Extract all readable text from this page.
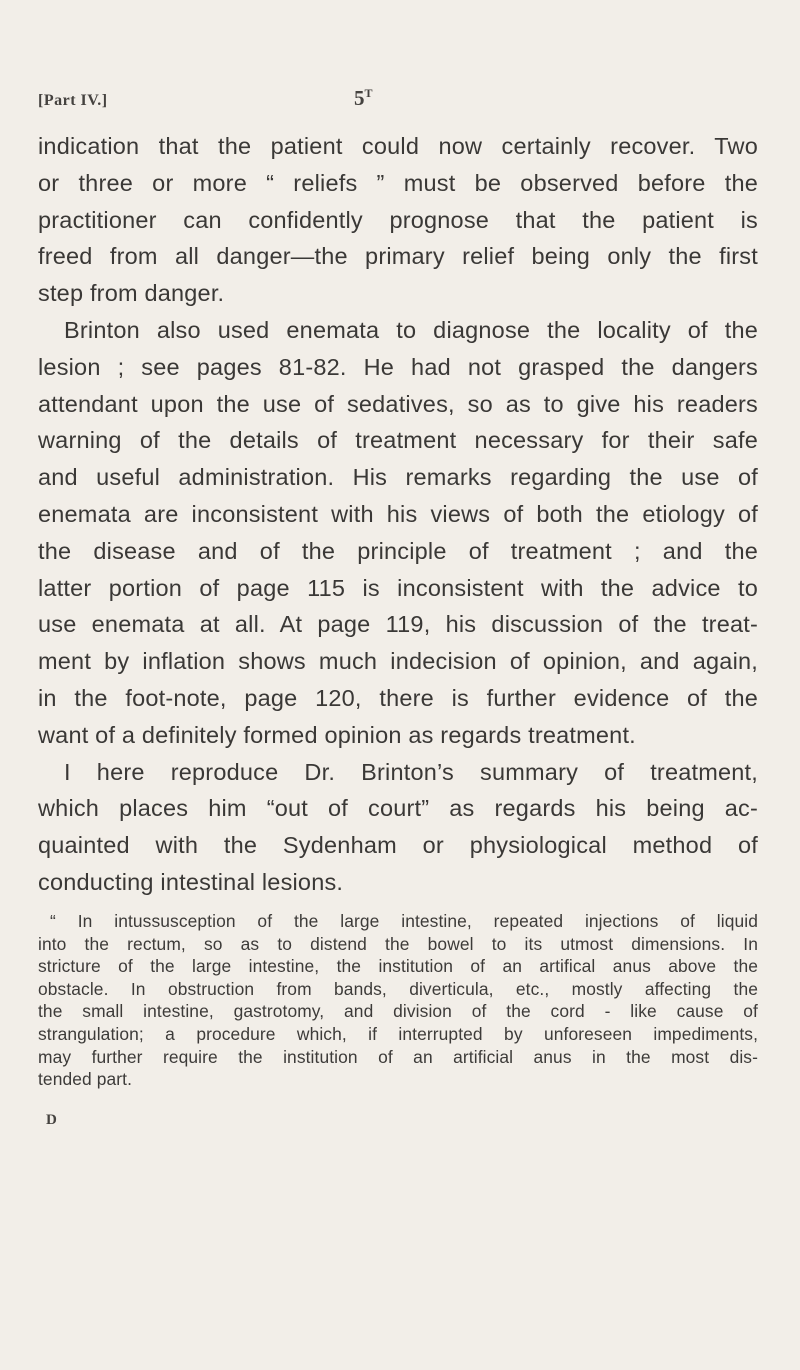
[Part IV.]	$5^T$
indication that the patient could now certainly recover. Two
or three or more “ reliefs ” must be observed before the
practitioner can confidently prognose that the patient is
freed from all danger—the primary relief being only the first
step from danger.
Brinton also used enemata to diagnose the locality of the
lesion ; see pages 81-82. He had not grasped the dangers
attendant upon the use of sedatives, so as to give his readers
warning of the details of treatment necessary for their safe
and useful administration. His remarks regarding the use of
enemata are inconsistent with his views of both the etiology of
the disease and of the principle of treatment ; and the
latter portion of page 115 is inconsistent with the advice to
use enemata at all. At page 119, his discussion of the treat-
ment by inflation shows much indecision of opinion, and again,
in the foot-note, page 120, there is further evidence of the
want of a definitely formed opinion as regards treatment.
I here reproduce Dr. Brinton’s summary of treatment,
which places him “out of court” as regards his being ac-
quainted with the Sydenham or physiological method of
conducting intestinal lesions.
“ In intussusception of the large intestine, repeated injections of liquid
into the rectum, so as to distend the bowel to its utmost dimensions. In
stricture of the large intestine, the institution of an artifical anus above the
obstacle. In obstruction from bands, diverticula, etc., mostly affecting the
the small intestine, gastrotomy, and division of the cord - like cause of
strangulation; a procedure which, if interrupted by unforeseen impediments,
may further require the institution of an artificial anus in the most dis-
tended part.
D
